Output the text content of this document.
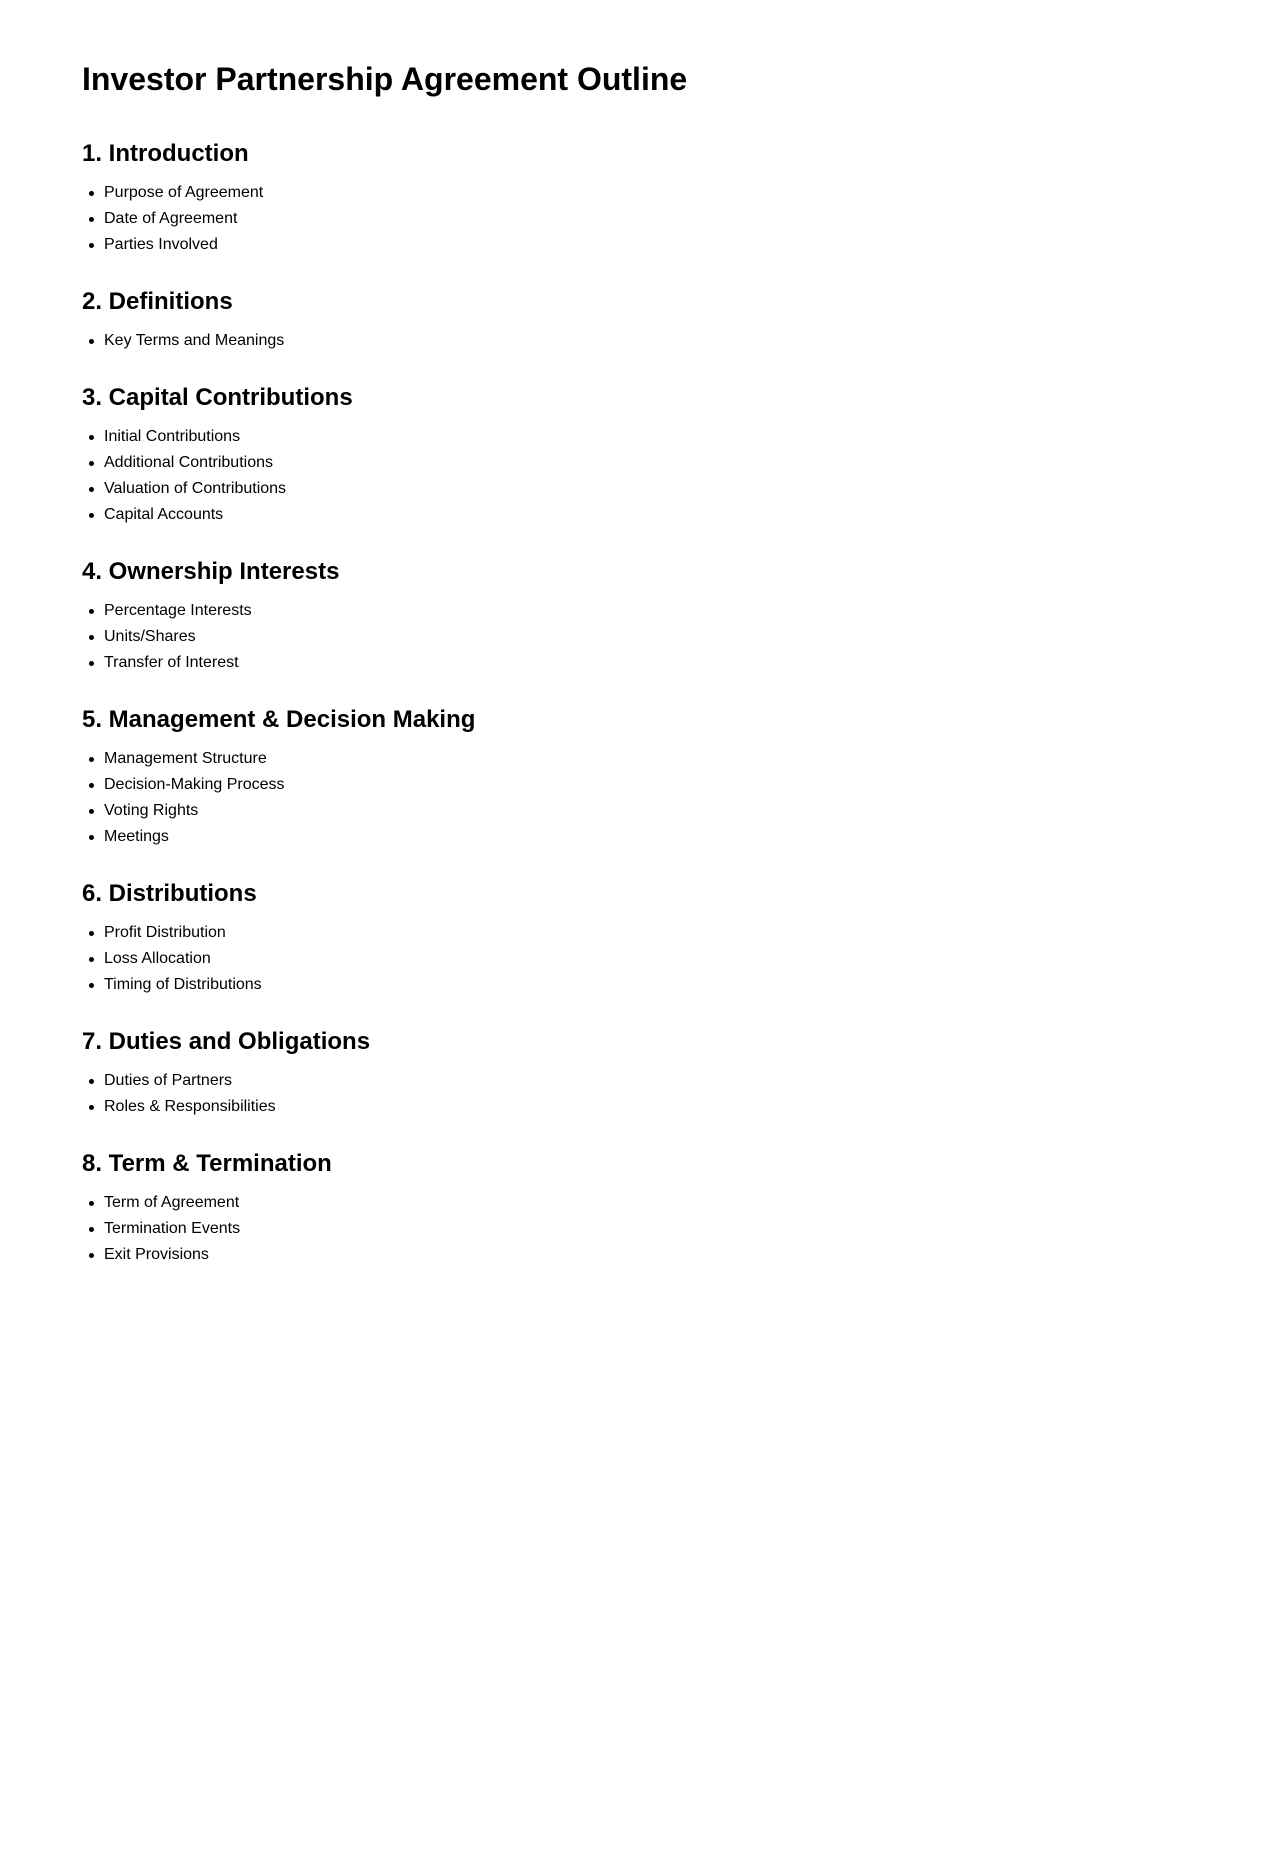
Investor Partnership Agreement Outline
1. Introduction
Purpose of Agreement
Date of Agreement
Parties Involved
2. Definitions
Key Terms and Meanings
3. Capital Contributions
Initial Contributions
Additional Contributions
Valuation of Contributions
Capital Accounts
4. Ownership Interests
Percentage Interests
Units/Shares
Transfer of Interest
5. Management & Decision Making
Management Structure
Decision-Making Process
Voting Rights
Meetings
6. Distributions
Profit Distribution
Loss Allocation
Timing of Distributions
7. Duties and Obligations
Duties of Partners
Roles & Responsibilities
8. Term & Termination
Term of Agreement
Termination Events
Exit Provisions
